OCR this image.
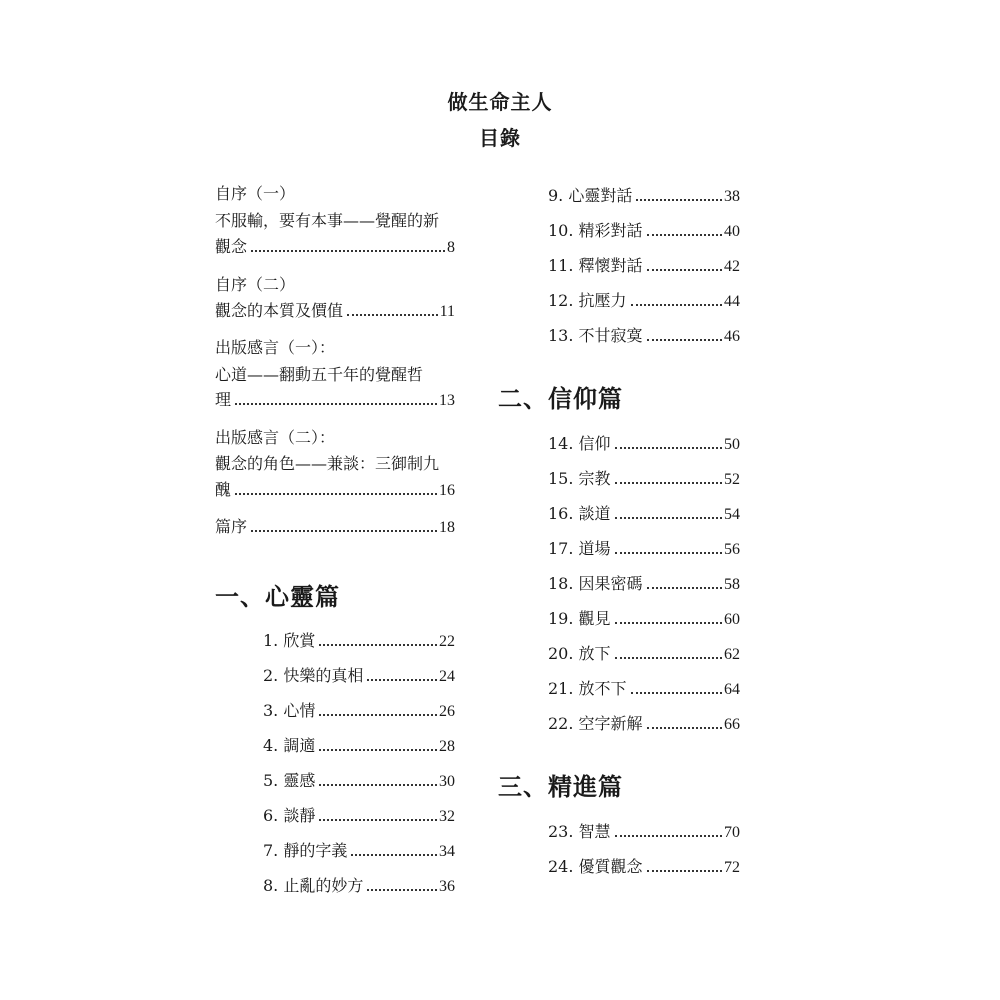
做生命主人
目錄
自序（一）
不服輸，要有本事——覺醒的新
觀念	8
自序（二）
觀念的本質及價值	11
出版感言（一）：
心道——翻動五千年的覺醒哲
理	13
出版感言（二）：
觀念的角色——兼談：三御制九
醜	16
篇序	18
一、心靈篇
二、信仰篇
三、精進篇
1. 欣賞	22
2. 快樂的真相	24
3. 心情	26
4. 調適	28
5. 靈感	30
6. 談靜	32
7. 靜的字義	34
8. 止亂的妙方	36
9. 心靈對話	38
10. 精彩對話	40
11. 釋懷對話	42
12. 抗壓力	44
13. 不甘寂寞	46
14. 信仰	50
15. 宗教	52
16. 談道	54
17. 道場	56
18. 因果密碼	58
19. 觀見	60
20. 放下	62
21. 放不下	64
22. 空字新解	66
23. 智慧	70
24. 優質觀念	72
